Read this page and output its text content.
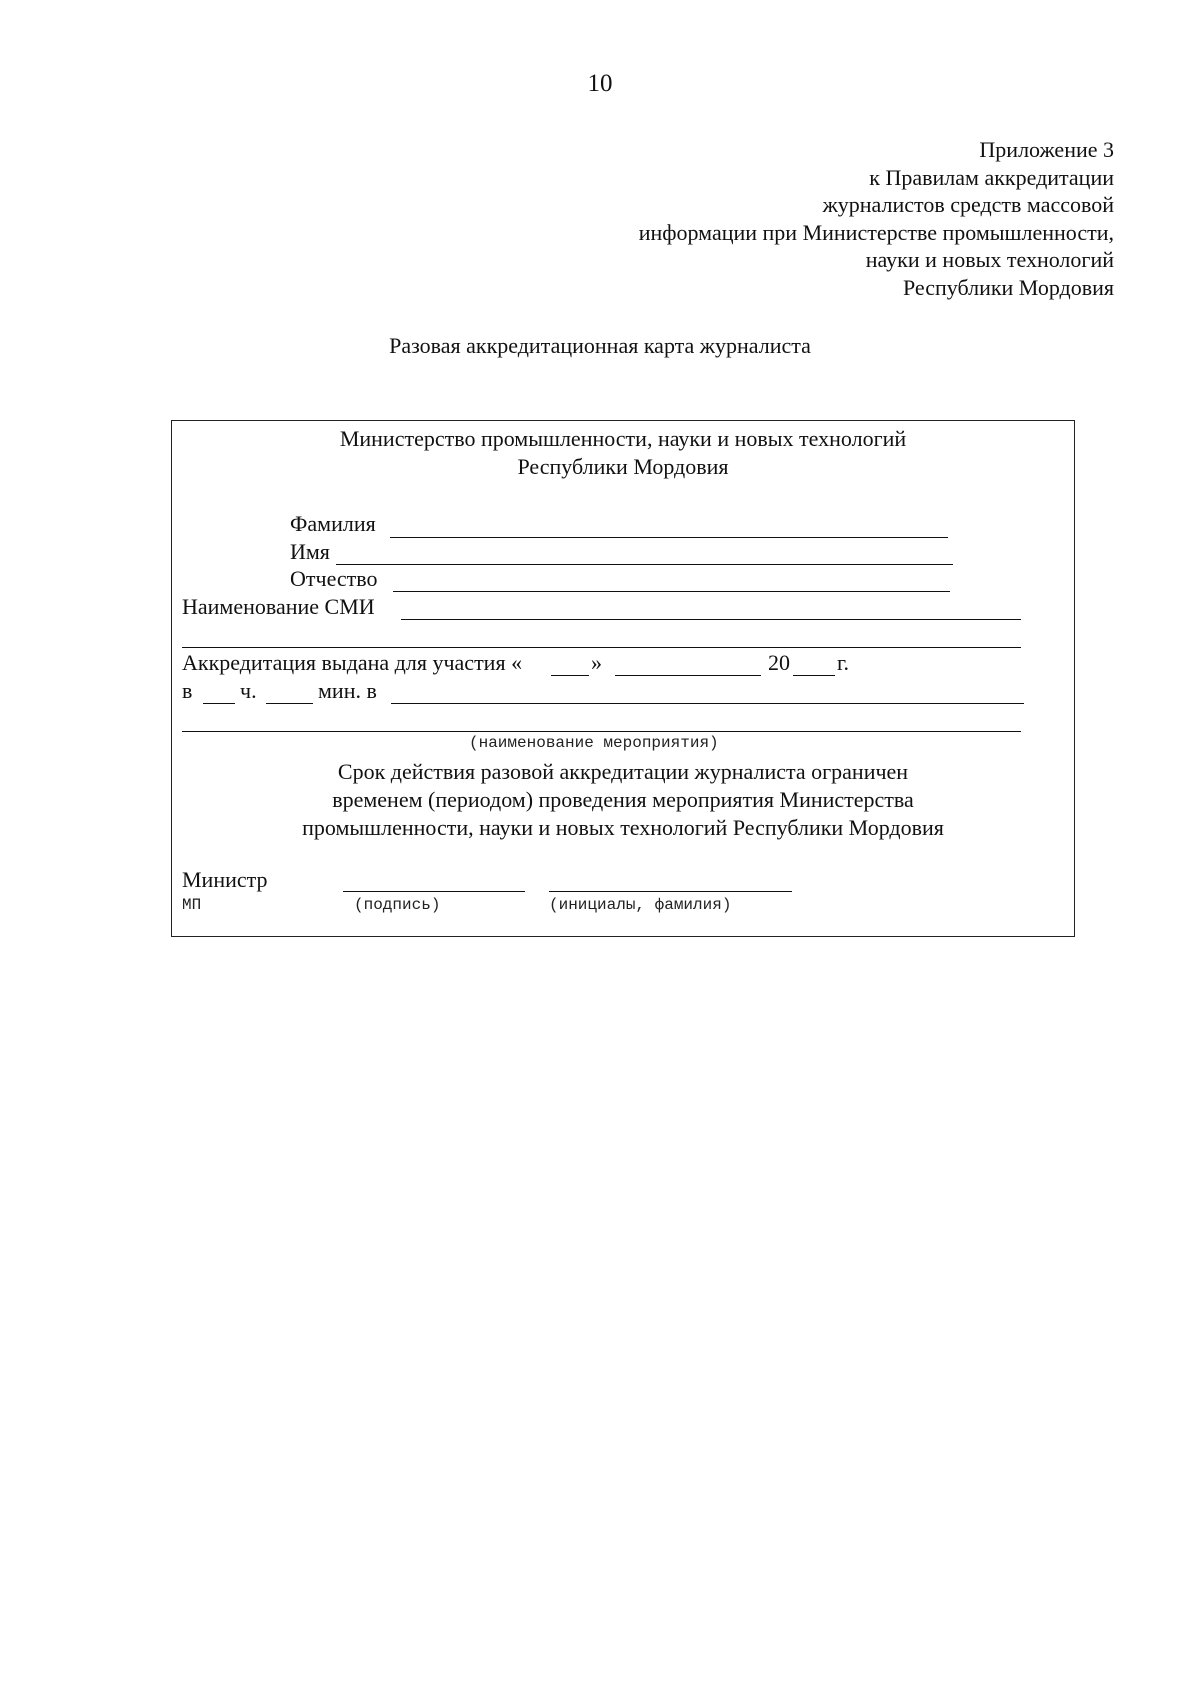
10
Приложение 3
к Правилам аккредитации
журналистов средств массовой
информации при Министерстве промышленности,
науки и новых технологий
Республики Мордовия
Разовая аккредитационная карта журналиста
Министерство промышленности, науки и новых технологий
Республики Мордовия
Фамилия
Имя
Отчество
Наименование СМИ
Аккредитация выдана для участия «	»	20 г.
в ч.	мин. в
(наименование мероприятия)
Срок действия разовой аккредитации журналиста ограничен
временем (периодом) проведения мероприятия Министерства
промышленности, науки и новых технологий Республики Мордовия
Министр
МП	(подпись)	(инициалы, фамилия)
